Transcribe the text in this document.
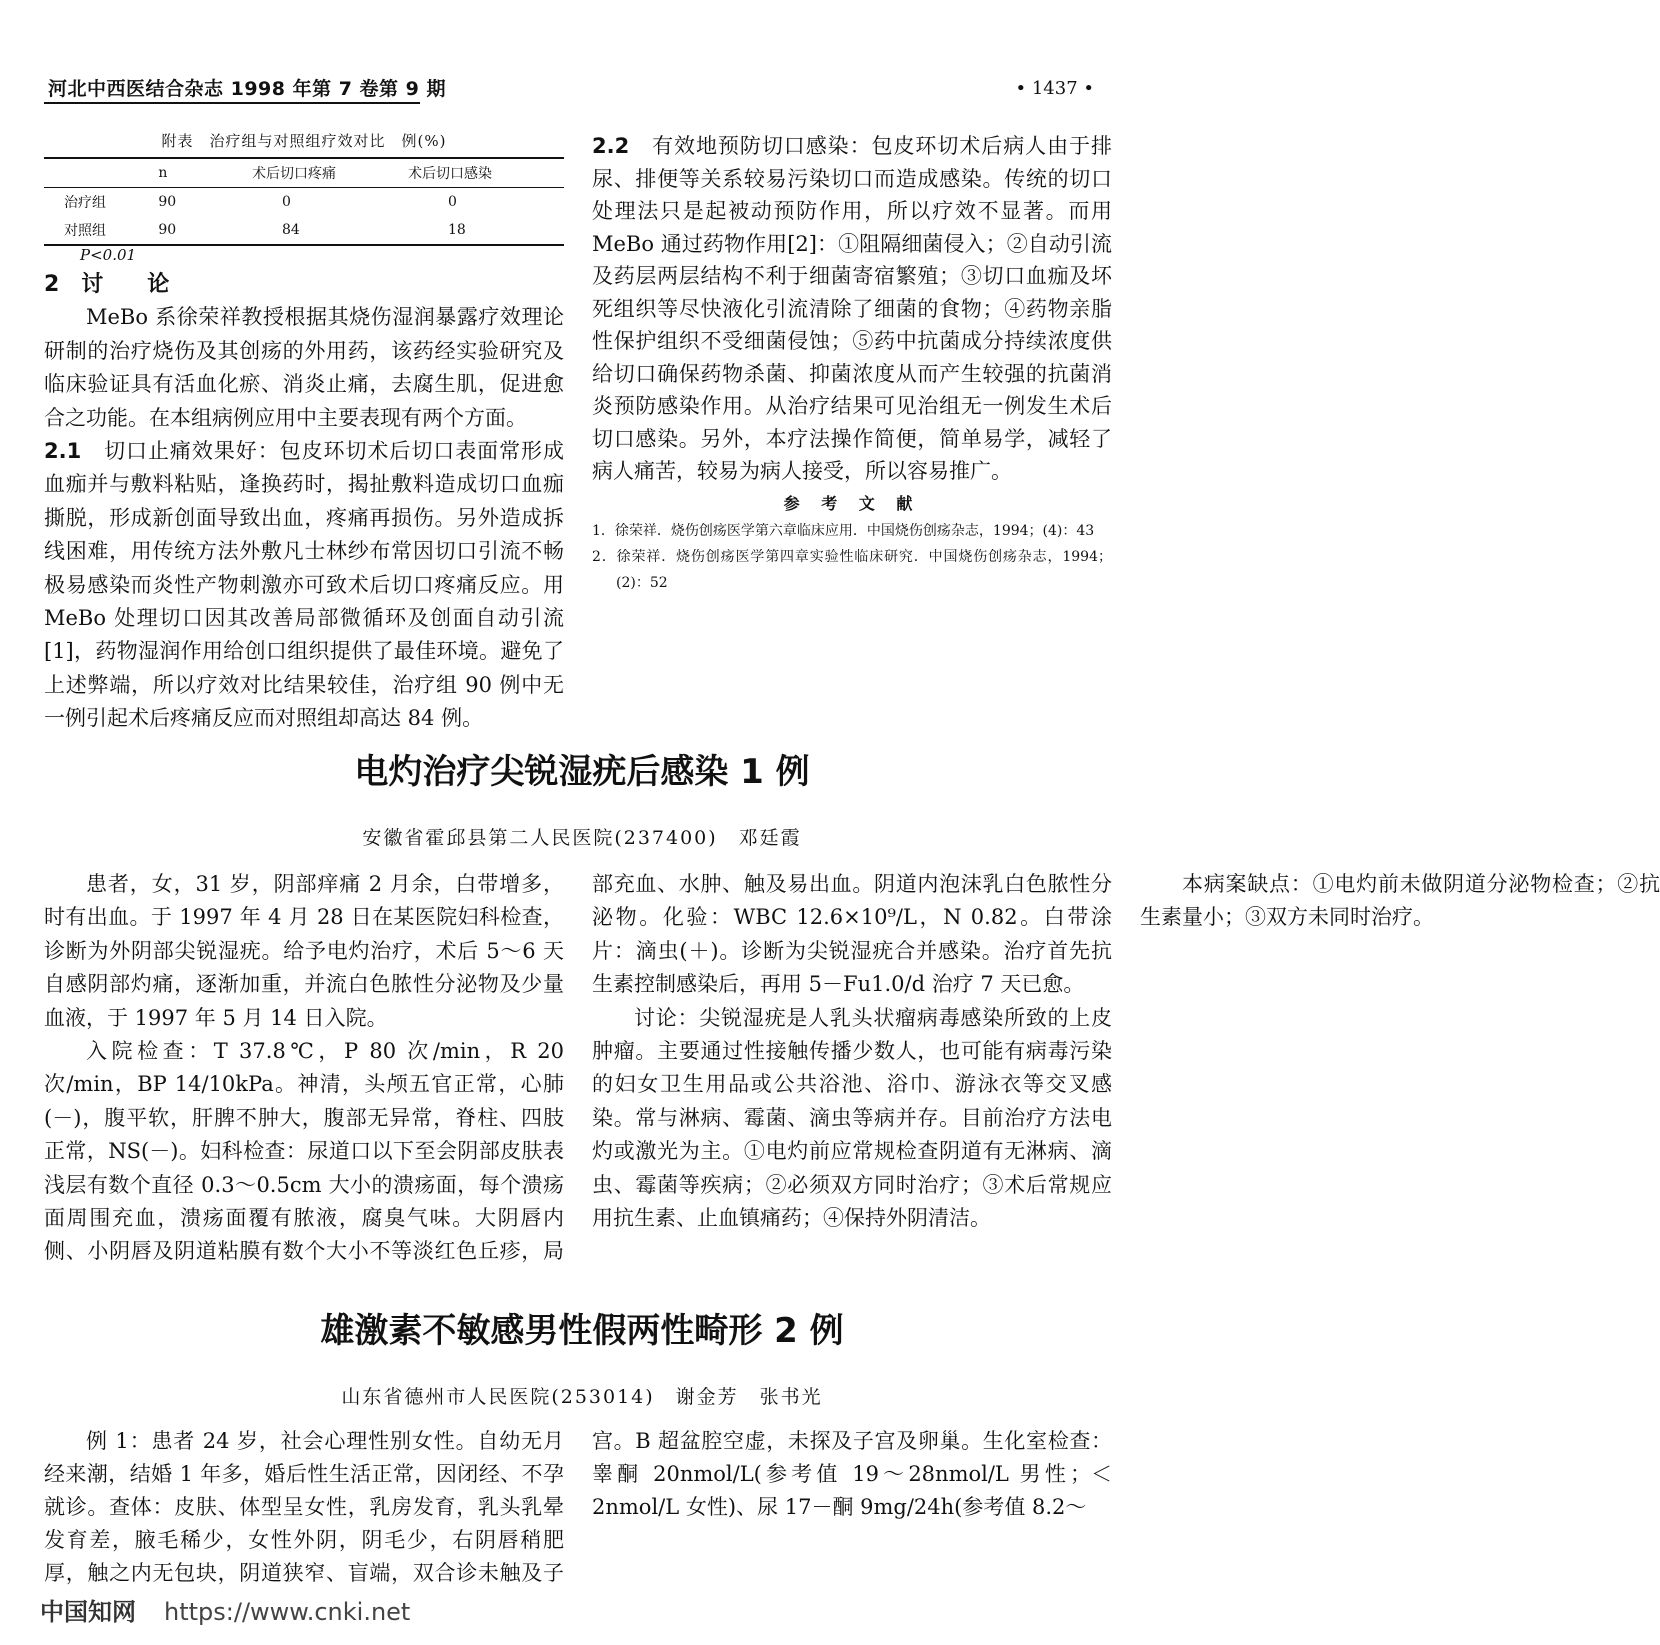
河北中西医结合杂志 1998 年第 7 卷第 9 期	• 1437 •
附表　治疗组与对照组疗效对比　例(%)
	n	术后切口疼痛	术后切口感染
治疗组	90	0	0
对照组	90	84	18
P<0.01
2　讨　　论

MeBo 系徐荣祥教授根据其烧伤湿润暴露疗效理论研制的治疗烧伤及其创疡的外用药，该药经实验研究及临床验证具有活血化瘀、消炎止痛，去腐生肌，促进愈合之功能。在本组病例应用中主要表现有两个方面。

2.1　 切口止痛效果好：包皮环切术后切口表面常形成血痂并与敷料粘贴，逢换药时，揭扯敷料造成切口血痂撕脱，形成新创面导致出血，疼痛再损伤。另外造成拆线困难，用传统方法外敷凡士林纱布常因切口引流不畅极易感染而炎性产物刺激亦可致术后切口疼痛反应。用 MeBo 处理切口因其改善局部微循环及创面自动引流[1]，药物湿润作用给创口组织提供了最佳环境。避免了上述弊端，所以疗效对比结果较佳，治疗组 90 例中无一例引起术后疼痛反应而对照组却高达 84 例。

2.2　 有效地预防切口感染：包皮环切术后病人由于排尿、排便等关系较易污染切口而造成感染。传统的切口处理法只是起被动预防作用，所以疗效不显著。而用 MeBo 通过药物作用[2]：①阻隔细菌侵入；②自动引流及药层两层结构不利于细菌寄宿繁殖；③切口血痂及坏死组织等尽快液化引流清除了细菌的食物；④药物亲脂性保护组织不受细菌侵蚀；⑤药中抗菌成分持续浓度供给切口确保药物杀菌、抑菌浓度从而产生较强的抗菌消炎预防感染作用。从治疗结果可见治组无一例发生术后切口感染。另外，本疗法操作简便，简单易学，减轻了病人痛苦，较易为病人接受，所以容易推广。

参 考 文 献
1．徐荣祥．烧伤创疡医学第六章临床应用．中国烧伤创疡杂志，1994；(4)：43
2．徐荣祥．烧伤创疡医学第四章实验性临床研究．中国烧伤创疡杂志，1994；(2)：52
电灼治疗尖锐湿疣后感染 1 例
安徽省霍邱县第二人民医院(237400)　邓廷霞

患者，女，31 岁，阴部痒痛 2 月余，白带增多，时有出血。于 1997 年 4 月 28 日在某医院妇科检查，诊断为外阴部尖锐湿疣。给予电灼治疗，术后 5～6 天自感阴部灼痛，逐渐加重，并流白色脓性分泌物及少量血液，于 1997 年 5 月 14 日入院。

入院检查：T 37.8℃，P 80 次/min，R 20 次/min，BP 14/10kPa。神清，头颅五官正常，心肺(－)，腹平软，肝脾不肿大，腹部无异常，脊柱、四肢正常，NS(－)。妇科检查：尿道口以下至会阴部皮肤表浅层有数个直径 0.3～0.5cm 大小的溃疡面，每个溃疡面周围充血，溃疡面覆有脓液，腐臭气味。大阴唇内侧、小阴唇及阴道粘膜有数个大小不等淡红色丘疹，局部充血、水肿、触及易出血。阴道内泡沫乳白色脓性分泌物。化验：WBC 12.6×10⁹/L，N 0.82。白带涂片：滴虫(＋)。诊断为尖锐湿疣合并感染。治疗首先抗生素控制感染后，再用 5－Fu1.0/d 治疗 7 天已愈。

讨论：尖锐湿疣是人乳头状瘤病毒感染所致的上皮肿瘤。主要通过性接触传播少数人，也可能有病毒污染的妇女卫生用品或公共浴池、浴巾、游泳衣等交叉感染。常与淋病、霉菌、滴虫等病并存。目前治疗方法电灼或激光为主。①电灼前应常规检查阴道有无淋病、滴虫、霉菌等疾病；②必须双方同时治疗；③术后常规应用抗生素、止血镇痛药；④保持外阴清洁。

本病案缺点：①电灼前未做阴道分泌物检查；②抗生素量小；③双方未同时治疗。

雄激素不敏感男性假两性畸形 2 例
山东省德州市人民医院(253014)　谢金芳　张书光

例 1：患者 24 岁，社会心理性别女性。自幼无月经来潮，结婚 1 年多，婚后性生活正常，因闭经、不孕就诊。查体：皮肤、体型呈女性，乳房发育，乳头乳晕发育差，腋毛稀少，女性外阴，阴毛少，右阴唇稍肥厚，触之内无包块，阴道狭窄、盲端，双合诊未触及子宫。B 超盆腔空虚，未探及子宫及卵巢。生化室检查：睾酮 20nmol/L(参考值 19～28nmol/L 男性；＜2nmol/L 女性)、尿 17－酮 9mg/24h(参考值 8.2～

中国知网 https://www.cnki.net
